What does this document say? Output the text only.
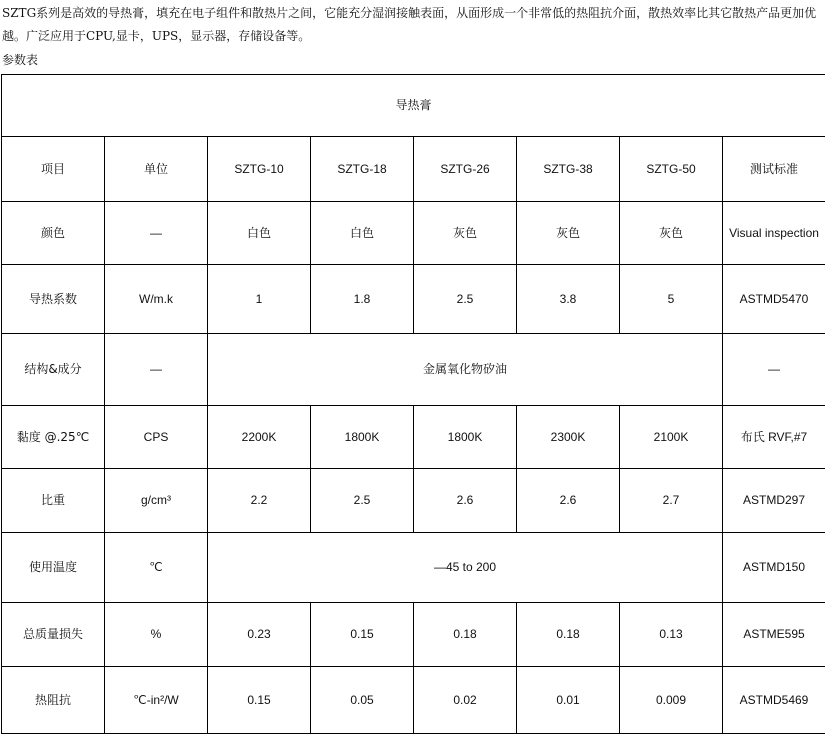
SZTG系列是高效的导热膏，填充在电子组件和散热片之间，它能充分湿润接触表面，从面形成一个非常低的热阻抗介面，散热效率比其它散热产品更加优越。广泛应用于CPU,显卡，UPS，显示器，存储设备等。
参数表
导热膏							
项目	单位	SZTG-10	SZTG-18	SZTG-26	SZTG-38	SZTG-50	测试标准
颜色	—	白色	白色	灰色	灰色	灰色	Visual inspection
导热系数	W/m.k	1	1.8	2.5	3.8	5	ASTMD5470
结构&成分	—	金属氧化物矽油					—
黏度 @.25℃	CPS	2200K	1800K	1800K	2300K	2100K	布氏 RVF,#7
比重	g/cm³	2.2	2.5	2.6	2.6	2.7	ASTMD297
使用温度	℃	—45 to 200					ASTMD150
总质量损失	%	0.23	0.15	0.18	0.18	0.13	ASTME595
热阻抗	℃-in²/W	0.15	0.05	0.02	0.01	0.009	ASTMD5469
